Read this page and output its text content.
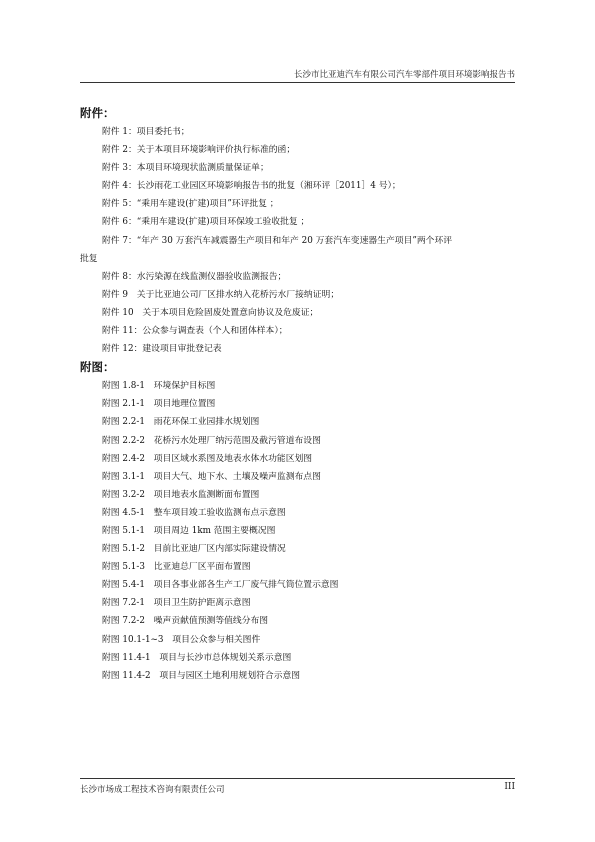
长沙市比亚迪汽车有限公司汽车零部件项目环境影响报告书
附件：
附件 1：项目委托书；
附件 2：关于本项目环境影响评价执行标准的函；
附件 3：本项目环境现状监测质量保证单；
附件 4：长沙雨花工业园区环境影响报告书的批复（湘环评［2011］4 号）；
附件 5：“乘用车建设(扩建)项目”环评批复 ；
附件 6：“乘用车建设(扩建)项目环保竣工验收批复 ；
附件 7：“年产 30 万套汽车减震器生产项目和年产 20 万套汽车变速器生产项目”两个环评
批复
附件 8：水污染源在线监测仪器验收监测报告；
附件 9　关于比亚迪公司厂区排水纳入花桥污水厂接纳证明；
附件 10　关于本项目危险固废处置意向协议及危废证；
附件 11：公众参与调查表（个人和团体样本）；
附件 12：建设项目审批登记表
附图：
附图 1.8-1　环境保护目标图
附图 2.1-1　项目地理位置图
附图 2.2-1　雨花环保工业园排水规划图
附图 2.2-2　花桥污水处理厂纳污范围及截污管道布设图
附图 2.4-2　项目区域水系图及地表水体水功能区划图
附图 3.1-1　项目大气、地下水、土壤及噪声监测布点图
附图 3.2-2　项目地表水监测断面布置图
附图 4.5-1　整车项目竣工验收监测布点示意图
附图 5.1-1　项目周边 1km 范围主要概况图
附图 5.1-2　目前比亚迪厂区内部实际建设情况
附图 5.1-3　比亚迪总厂区平面布置图
附图 5.4-1　项目各事业部各生产工厂废气排气筒位置示意图
附图 7.2-1　项目卫生防护距离示意图
附图 7.2-2　噪声贡献值预测等值线分布图
附图 10.1-1~3　项目公众参与相关图件
附图 11.4-1　项目与长沙市总体规划关系示意图
附图 11.4-2　项目与园区土地利用规划符合示意图
长沙市场成工程技术咨询有限责任公司	III
